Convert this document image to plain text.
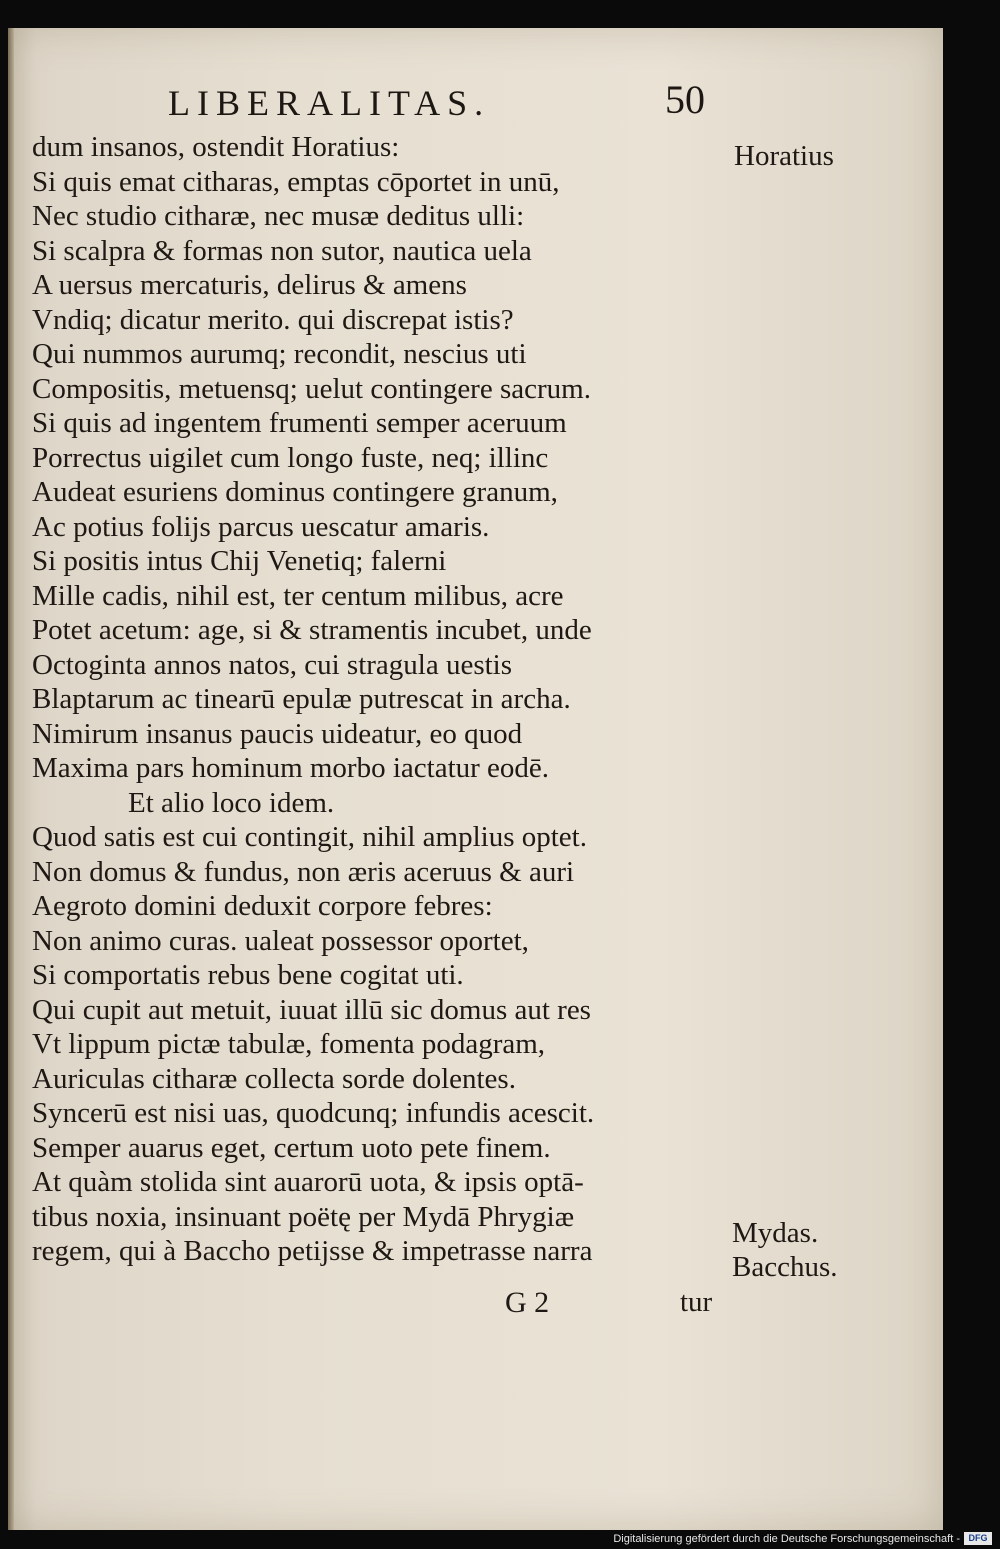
LIBERALITAS.	50
dum insanos, ostendit Horatius:
Si quis emat citharas, emptas cōportet in unū,
Nec studio citharæ, nec musæ deditus ulli:
Si scalpra & formas non sutor, nautica uela
A uersus mercaturis, delirus & amens
Vndiq; dicatur merito. qui discrepat istis?
Qui nummos aurumq; recondit, nescius uti
Compositis, metuensq; uelut contingere sacrum.
Si quis ad ingentem frumenti semper aceruum
Porrectus uigilet cum longo fuste, neq; illinc
Audeat esuriens dominus contingere granum,
Ac potius folijs parcus uescatur amaris.
Si positis intus Chij Venetiq; falerni
Mille cadis, nihil est, ter centum milibus, acre
Potet acetum: age, si & stramentis incubet, unde
Octoginta annos natos, cui stragula uestis
Blaptarum ac tinearū epulæ putrescat in archa.
Nimirum insanus paucis uideatur, eo quod
Maxima pars hominum morbo iactatur eodē.
Et alio loco idem.
Quod satis est cui contingit, nihil amplius optet.
Non domus & fundus, non æris aceruus & auri
Aegroto domini deduxit corpore febres:
Non animo curas. ualeat possessor oportet,
Si comportatis rebus bene cogitat uti.
Qui cupit aut metuit, iuuat illū sic domus aut res
Vt lippum pictæ tabulæ, fomenta podagram,
Auriculas citharæ collecta sorde dolentes.
Syncerū est nisi uas, quodcunq; infundis acescit.
Semper auarus eget, certum uoto pete finem.
At quàm stolida sint auarorū uota, & ipsis optā-
tibus noxia, insinuant poëtę per Mydā Phrygiæ
regem, qui à Baccho petijsse & impetrasse narra
Horatius
Mydas.
Bacchus.
G 2	tur
Digitalisierung gefördert durch die Deutsche Forschungsgemeinschaft - DFG
